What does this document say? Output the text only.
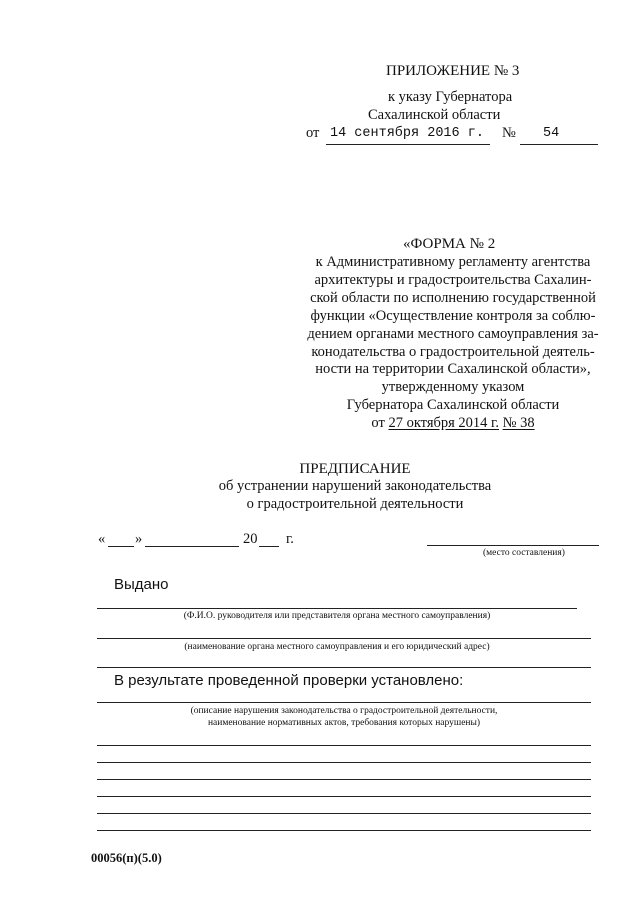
ПРИЛОЖЕНИЕ № 3
к указу Губернатора
Сахалинской области
от 14 сентября 2016 г. № 54
«ФОРМА № 2
к Административному регламенту агентства
архитектуры и градостроительства Сахалин-
ской области по исполнению государственной
функции «Осуществление контроля за соблю-
дением органами местного самоуправления за-
конодательства о градостроительной деятель-
ности на территории Сахалинской области»,
утвержденному указом
Губернатора Сахалинской области
от 27 октября 2014 г. № 38
ПРЕДПИСАНИЕ
об устранении нарушений законодательства
о градостроительной деятельности
« »	20 г.
(место составления)
Выдано
(Ф.И.О. руководителя или представителя органа местного самоуправления)
(наименование органа местного самоуправления и его юридический адрес)
В результате проведенной проверки установлено:
(описание нарушения законодательства о градостроительной деятельности,
наименование нормативных актов, требования которых нарушены)
00056(п)(5.0)
